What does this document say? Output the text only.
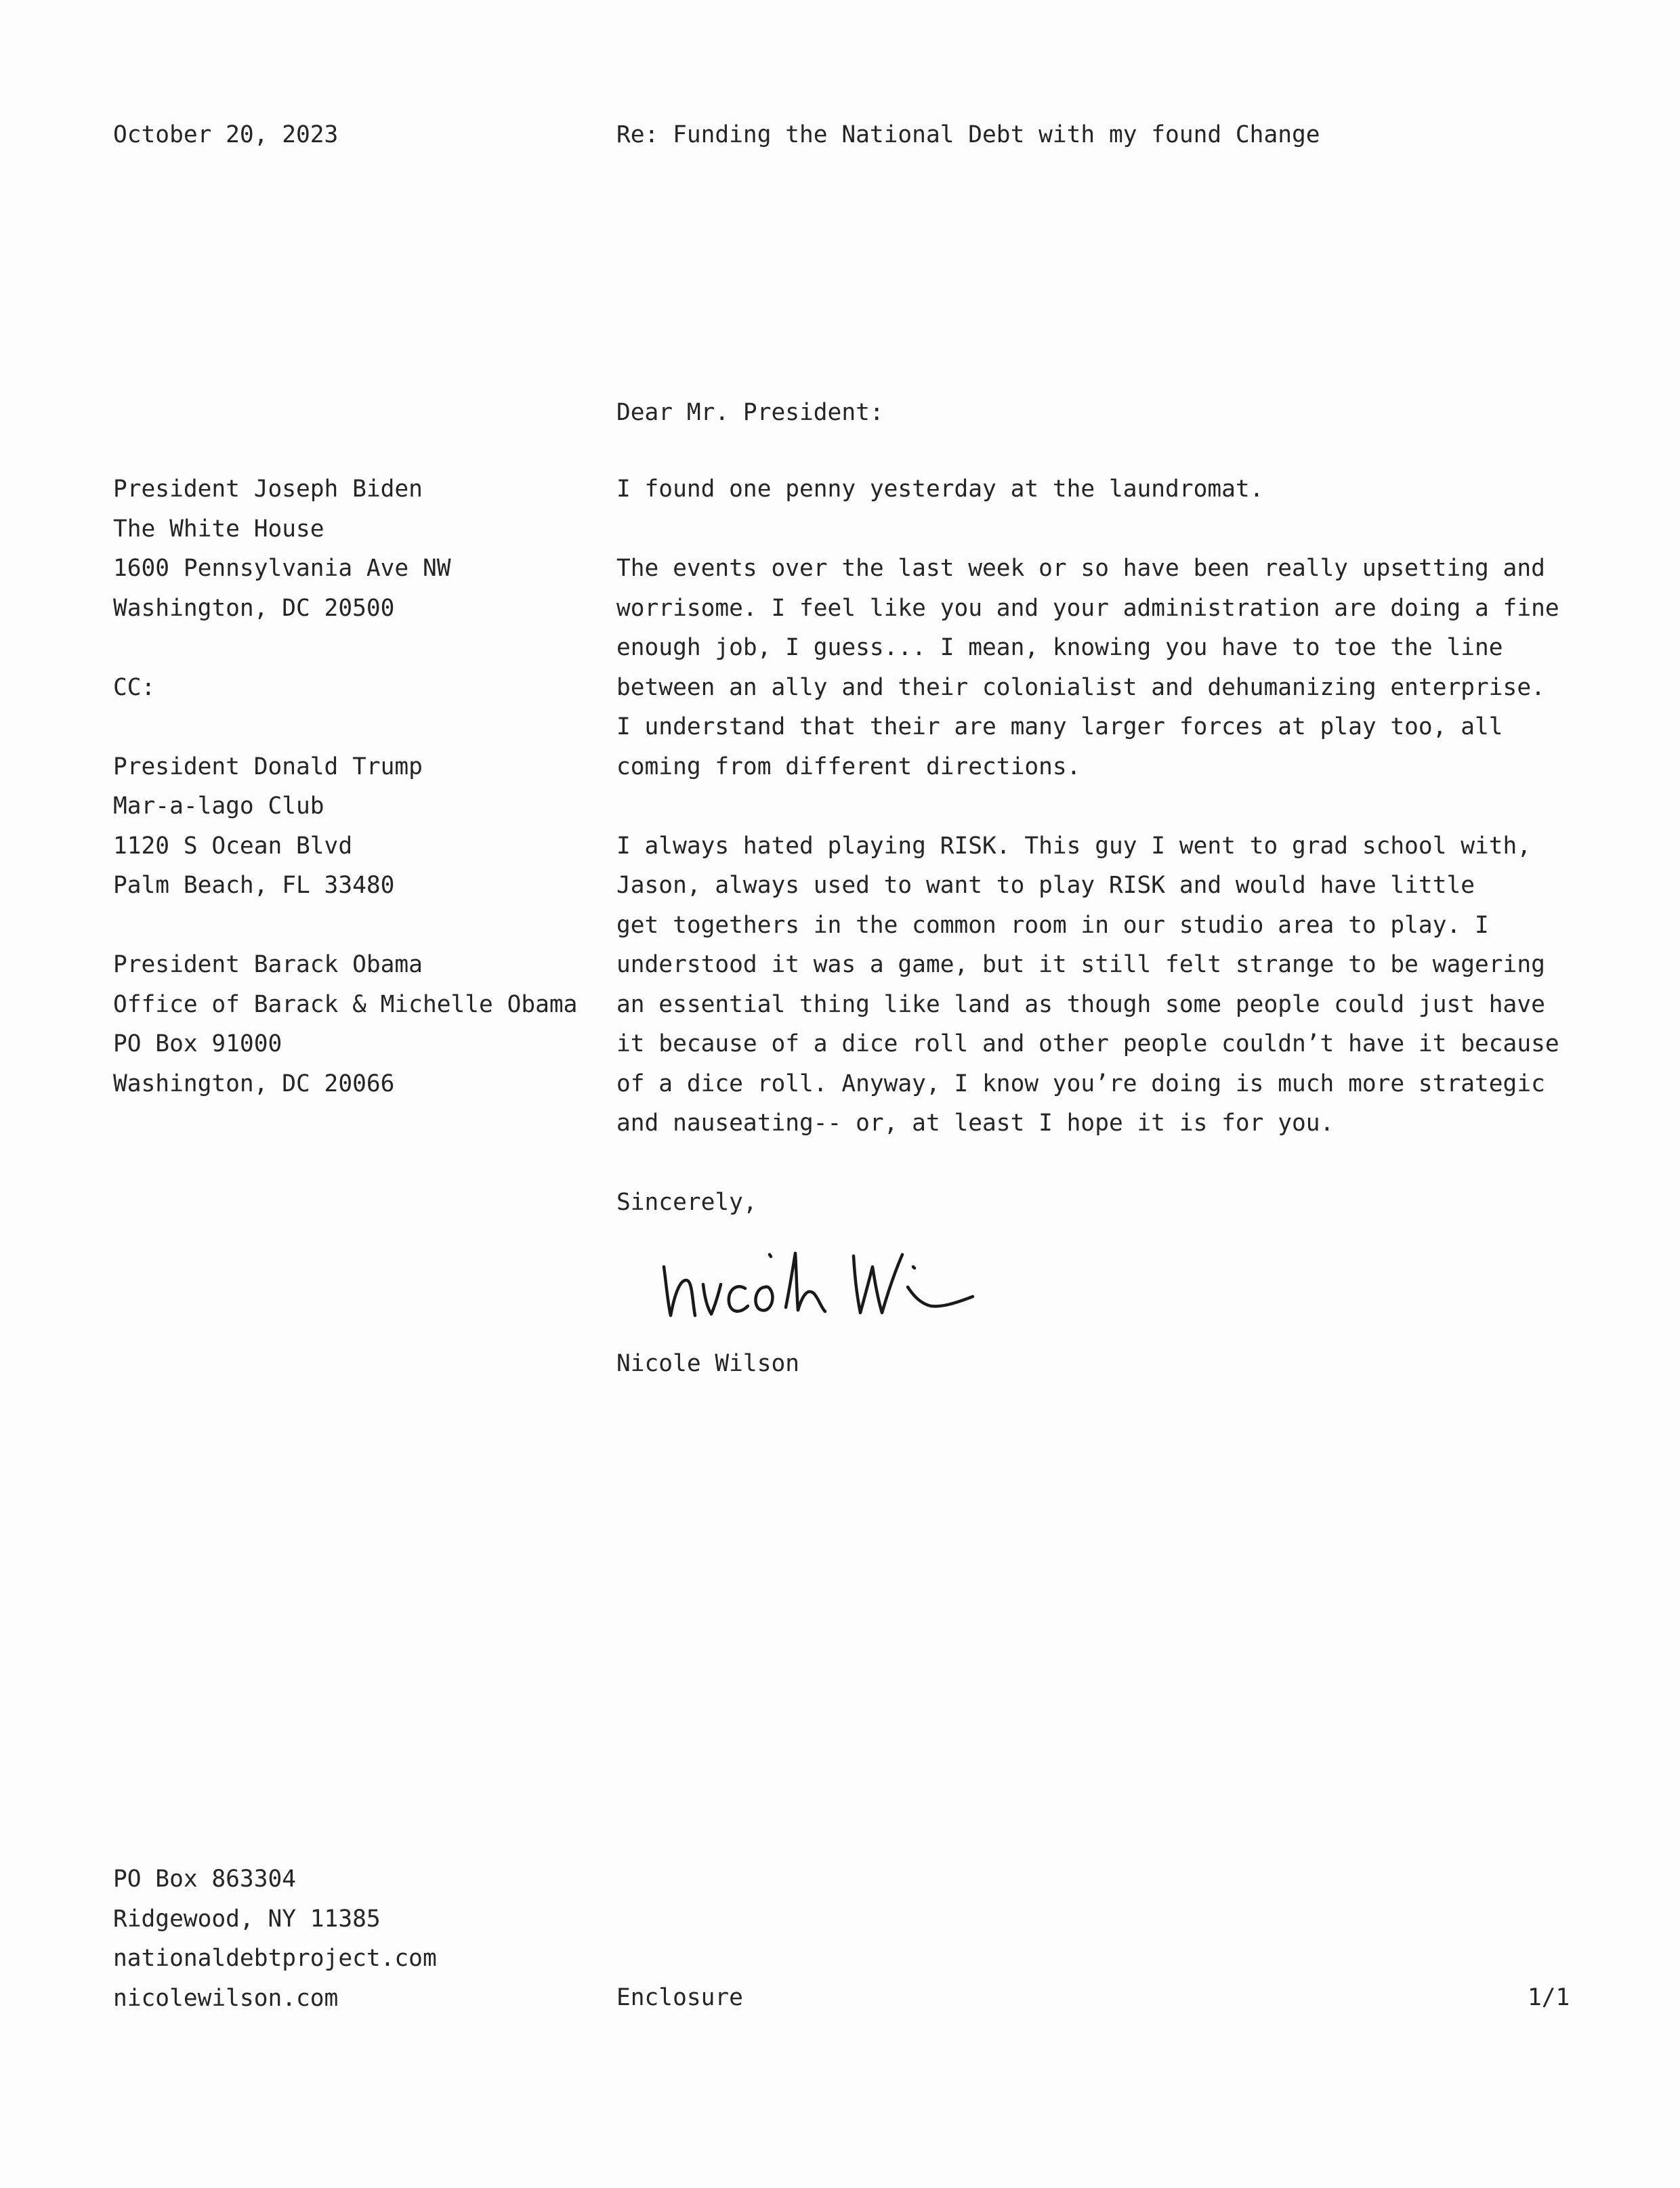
October 20, 2023	Re: Funding the National Debt with my found Change
Dear Mr. President:
President Joseph Biden
The White House
1600 Pennsylvania Ave NW
Washington, DC 20500
CC:
President Donald Trump
Mar-a-lago Club
1120 S Ocean Blvd
Palm Beach, FL 33480
President Barack Obama
Office of Barack & Michelle Obama
PO Box 91000
Washington, DC 20066
I found one penny yesterday at the laundromat.
The events over the last week or so have been really upsetting and
worrisome. I feel like you and your administration are doing a fine
enough job, I guess... I mean, knowing you have to toe the line
between an ally and their colonialist and dehumanizing enterprise.
I understand that their are many larger forces at play too, all
coming from different directions.
I always hated playing RISK. This guy I went to grad school with,
Jason, always used to want to play RISK and would have little
get togethers in the common room in our studio area to play. I
understood it was a game, but it still felt strange to be wagering
an essential thing like land as though some people could just have
it because of a dice roll and other people couldn’t have it because
of a dice roll. Anyway, I know you’re doing is much more strategic
and nauseating-- or, at least I hope it is for you.
Sincerely,
Nicole Wilson
PO Box 863304
Ridgewood, NY 11385
nationaldebtproject.com
nicolewilson.com	Enclosure	1/1
